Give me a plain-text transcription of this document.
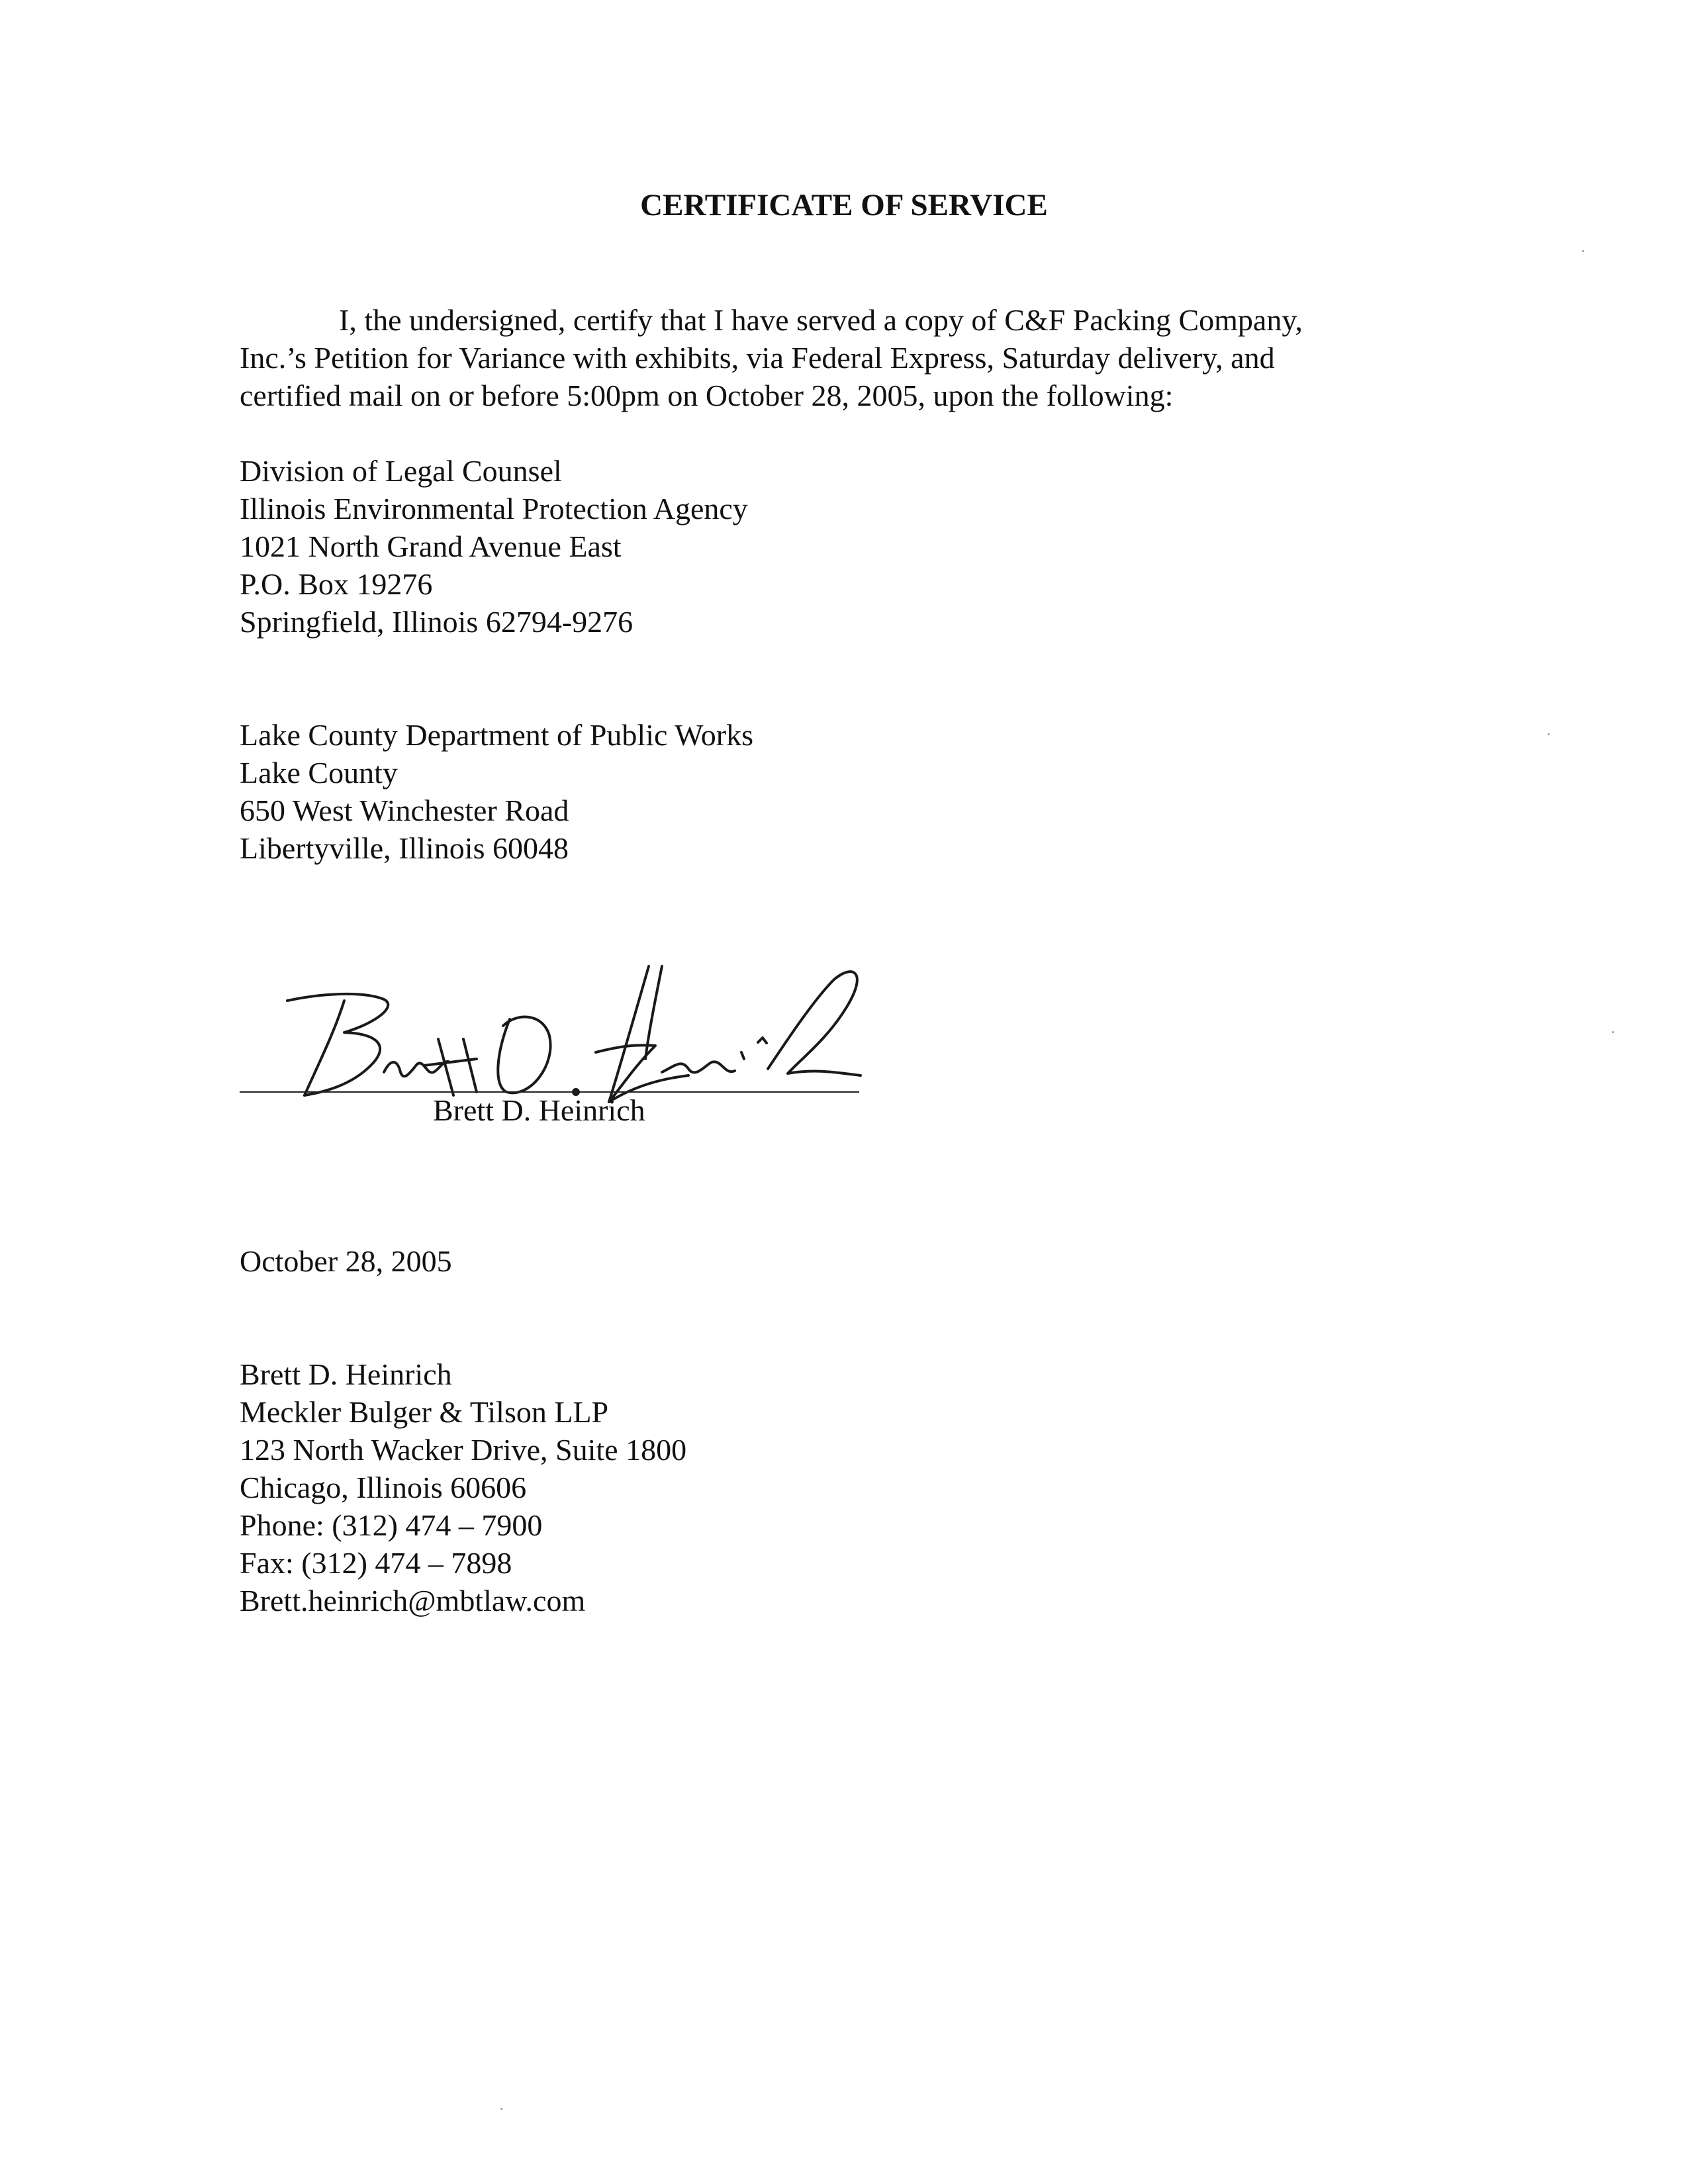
CERTIFICATE OF SERVICE

I, the undersigned, certify that I have served a copy of C&F Packing Company,
Inc.’s Petition for Variance with exhibits, via Federal Express, Saturday delivery, and
certified mail on or before 5:00pm on October 28, 2005, upon the following:

Division of Legal Counsel
Illinois Environmental Protection Agency
1021 North Grand Avenue East
P.O. Box 19276
Springfield, Illinois 62794-9276
Lake County Department of Public Works
Lake County
650 West Winchester Road
Libertyville, Illinois 60048
Brett D. Heinrich
October 28, 2005
Brett D. Heinrich
Meckler Bulger & Tilson LLP
123 North Wacker Drive, Suite 1800
Chicago, Illinois 60606
Phone: (312) 474 – 7900
Fax: (312) 474 – 7898
Brett.heinrich@mbtlaw.com
